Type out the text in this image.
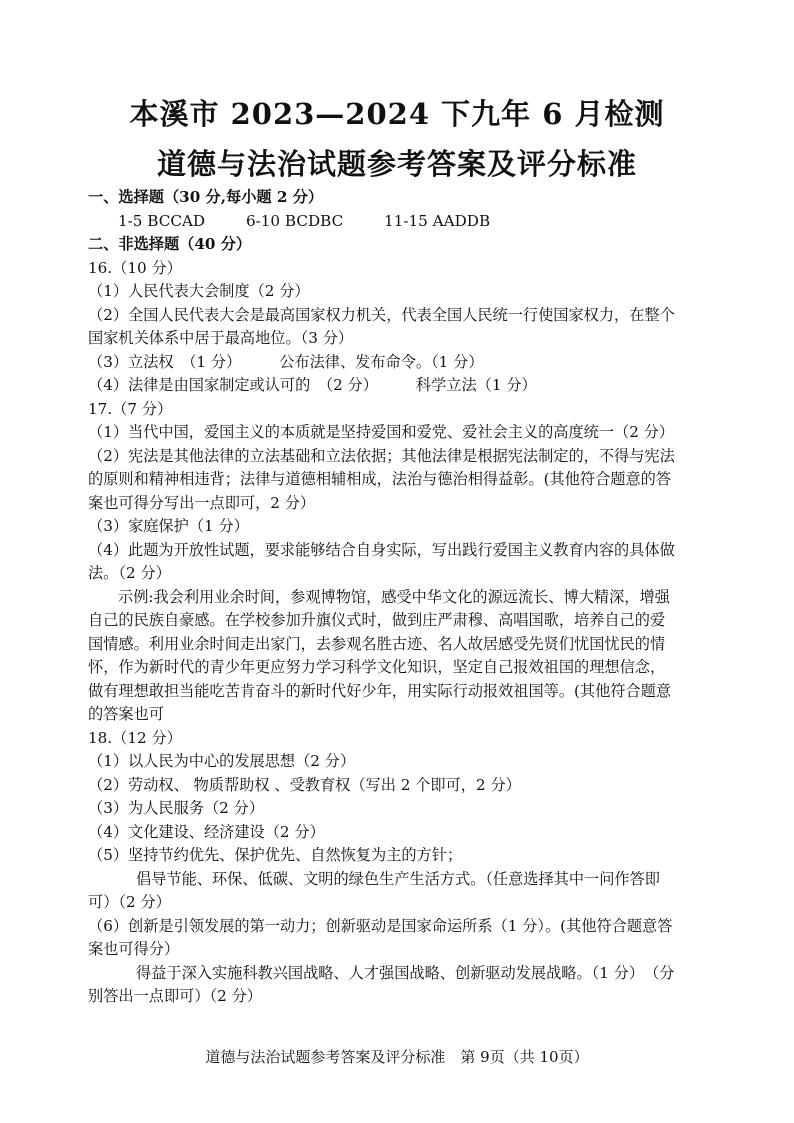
本溪市 2023—2024 下九年 6 月检测
道德与法治试题参考答案及评分标准

一、选择题（30 分,每小题 2 分）

1-5 BCCAD	6-10 BCDBC	11-15 AADDB

二、非选择题（40 分）

16.（10 分）

（1）人民代表大会制度（2 分）

（2）全国人民代表大会是最高国家权力机关，代表全国人民统一行使国家权力，在整个

国家机关体系中居于最高地位。（3 分）

（3）立法权　（1 分）　　　公布法律、发布命令。（1 分）

（4）法律是由国家制定或认可的　（2 分）　　　科学立法（1 分）

17.（7 分）

（1）当代中国，爱国主义的本质就是坚持爱国和爱党、爱社会主义的高度统一（2 分）

（2）宪法是其他法律的立法基础和立法依据；其他法律是根据宪法制定的，不得与宪法

的原则和精神相违背；法律与道德相辅相成，法治与德治相得益彰。(其他符合题意的答

案也可得分写出一点即可，2 分）

（3）家庭保护（1 分）

（4）此题为开放性试题，要求能够结合自身实际，写出践行爱国主义教育内容的具体做

法。（2 分）

示例:我会利用业余时间，参观博物馆，感受中华文化的源远流长、博大精深，增强

自己的民族自豪感。在学校参加升旗仪式时，做到庄严肃穆、高唱国歌，培养自己的爱

国情感。利用业余时间走出家门，去参观名胜古迹、名人故居感受先贤们忧国忧民的情

怀，作为新时代的青少年更应努力学习科学文化知识，坚定自己报效祖国的理想信念，

做有理想敢担当能吃苦肯奋斗的新时代好少年，用实际行动报效祖国等。(其他符合题意

的答案也可

18.（12 分）

（1）以人民为中心的发展思想（2 分）

（2）劳动权、 物质帮助权 、受教育权（写出 2 个即可，2 分）

（3）为人民服务（2 分）

（4）文化建设、经济建设（2 分）

（5）坚持节约优先、保护优先、自然恢复为主的方针；

倡导节能、环保、低碳、文明的绿色生产生活方式。（任意选择其中一问作答即

可）（2 分）

（6）创新是引领发展的第一动力；创新驱动是国家命运所系（1 分）。(其他符合题意答

案也可得分）

得益于深入实施科教兴国战略、人才强国战略、创新驱动发展战略。（1 分）　（分

别答出一点即可）（2 分）

道德与法治试题参考答案及评分标准　第 9页（共 10页）
